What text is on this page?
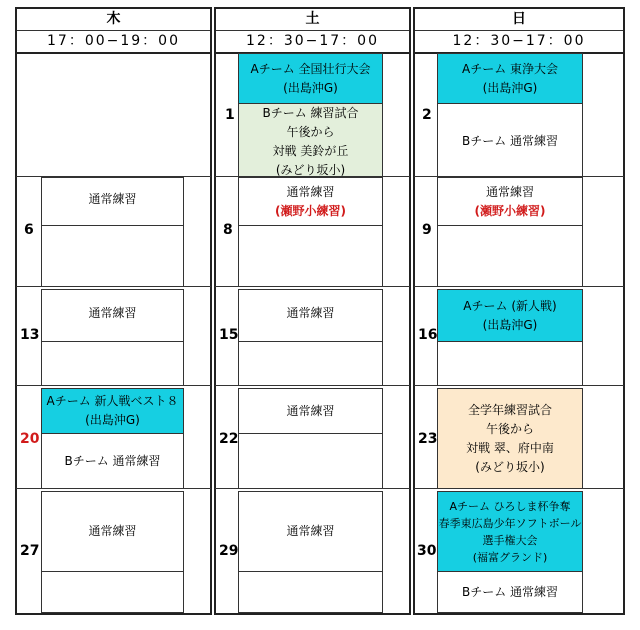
木
17：00−19：00
6
通常練習
13
通常練習
20
Aチーム 新人戦ベスト８
(出島沖G)
Bチーム 通常練習
27
通常練習
土
12：30−17：00
1
Aチーム 全国壮行大会
(出島沖G)
Bチーム 練習試合
午後から
対戦 美鈴が丘
(みどり坂小)
8
通常練習
(瀬野小練習)
15
通常練習
22
通常練習
29
通常練習
日
12：30−17：00
2
Aチーム 東浄大会
(出島沖G)
Bチーム 通常練習
9
通常練習
(瀬野小練習)
16
Aチーム (新人戦)
(出島沖G)
23
全学年練習試合
午後から
対戦 翠、府中南
(みどり坂小)
30
Aチーム ひろしま杯争奪
春季東広島少年ソフトボール
選手権大会
(福富グランド)
Bチーム 通常練習
